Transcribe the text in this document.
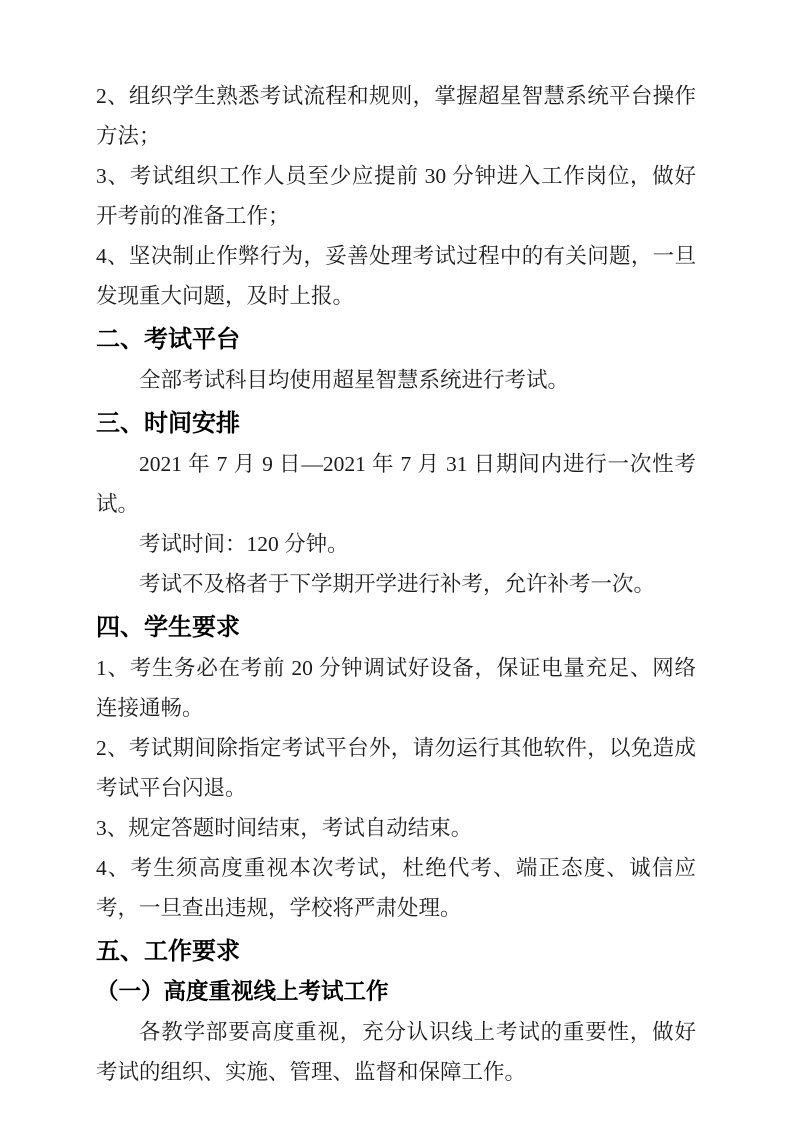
2、组织学生熟悉考试流程和规则，掌握超星智慧系统平台操作方法；

3、考试组织工作人员至少应提前 30 分钟进入工作岗位，做好开考前的准备工作；

4、坚决制止作弊行为，妥善处理考试过程中的有关问题，一旦发现重大问题，及时上报。

二、考试平台

全部考试科目均使用超星智慧系统进行考试。

三、时间安排

2021 年 7 月 9 日—2021 年 7 月 31 日期间内进行一次性考试。

考试时间：120 分钟。

考试不及格者于下学期开学进行补考，允许补考一次。

四、学生要求

1、考生务必在考前 20 分钟调试好设备，保证电量充足、网络连接通畅。

2、考试期间除指定考试平台外，请勿运行其他软件，以免造成考试平台闪退。

3、规定答题时间结束，考试自动结束。

4、考生须高度重视本次考试，杜绝代考、端正态度、诚信应考，一旦查出违规，学校将严肃处理。

五、工作要求
（一）高度重视线上考试工作

各教学部要高度重视，充分认识线上考试的重要性，做好考试的组织、实施、管理、监督和保障工作。
